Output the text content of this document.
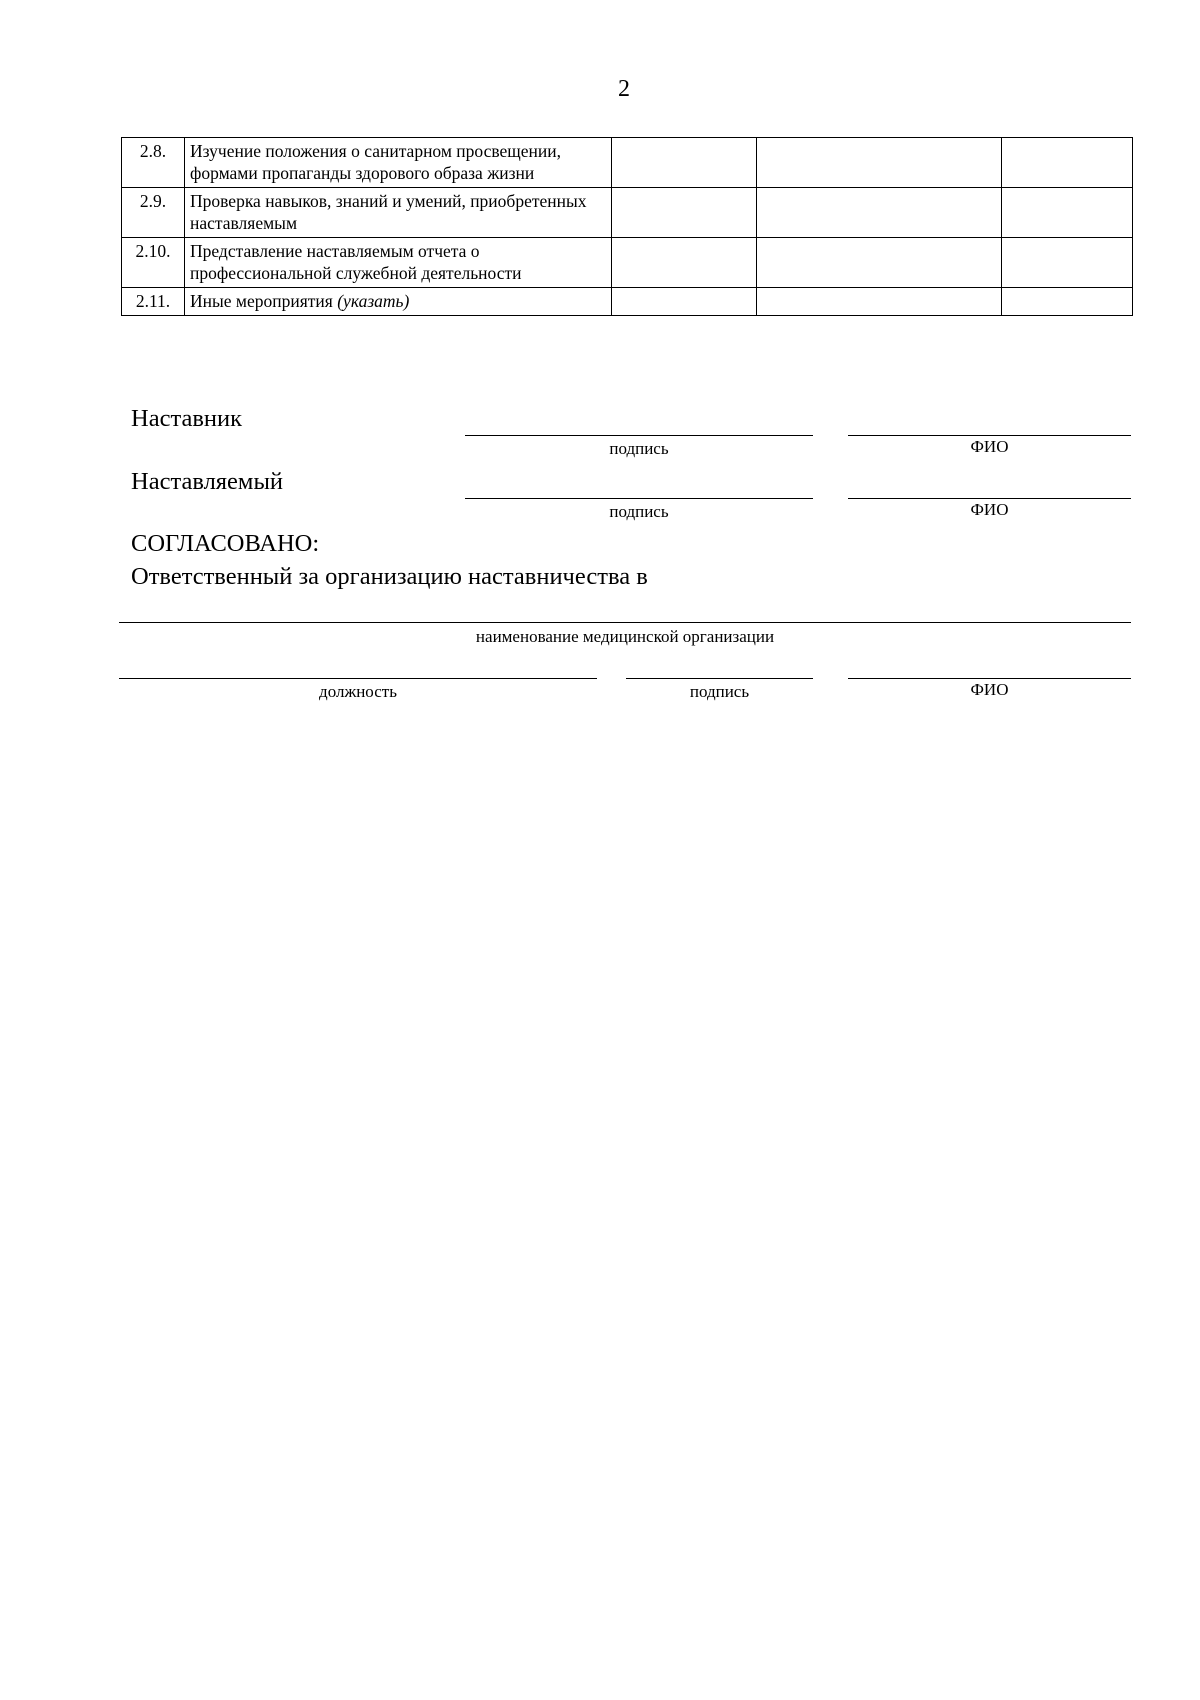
2
2.8.	Изучение положения о санитарном просвещении, формами пропаганды здорового образа жизни			
2.9.	Проверка навыков, знаний и умений, приобретенных наставляемым			
2.10.	Представление наставляемым отчета о профессиональной служебной деятельности			
2.11.	Иные мероприятия (указать)			
Наставник
подпись	ФИО
Наставляемый
подпись	ФИО
СОГЛАСОВАНО:
Ответственный за организацию наставничества в
наименование медицинской организации
должность	подпись	ФИО
